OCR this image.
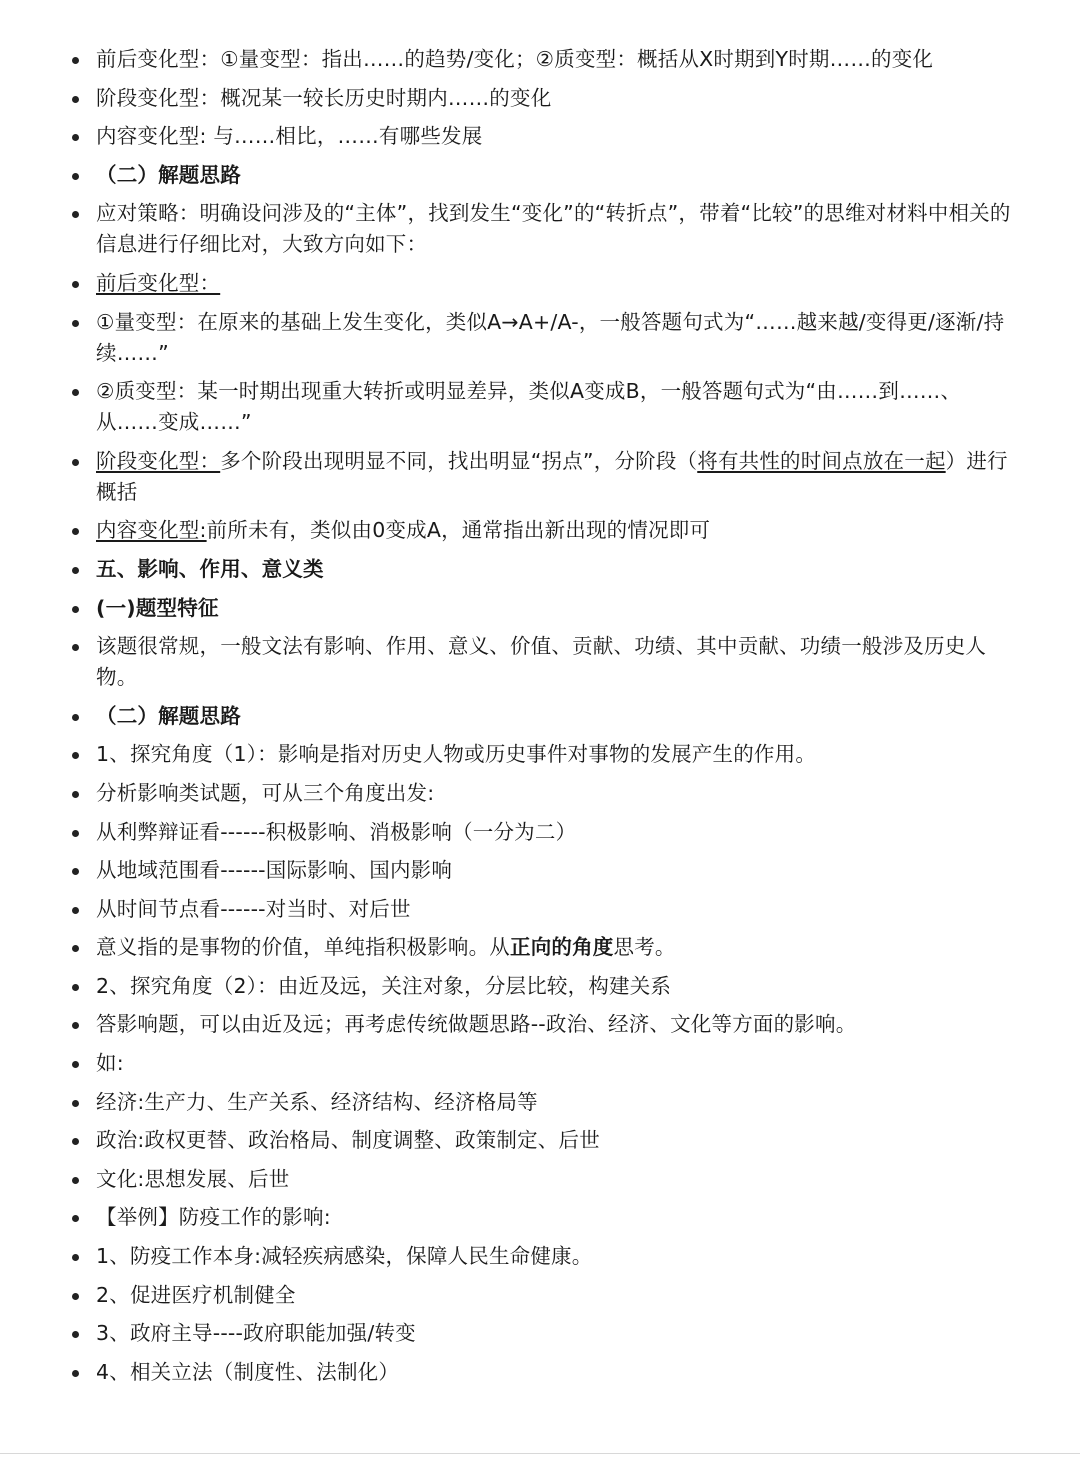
前后变化型：①量变型：指出……的趋势/变化；②质变型：概括从X时期到Y时期……的变化
阶段变化型：概况某一较长历史时期内……的变化
内容变化型: 与……相比，……有哪些发展
（二）解题思路
应对策略：明确设问涉及的“主体”，找到发生“变化”的“转折点”，带着“比较”的思维对材料中相关的信息进行仔细比对，大致方向如下：
前后变化型：
①量变型：在原来的基础上发生变化，类似A→A+/A-，一般答题句式为“……越来越/变得更/逐渐/持续……”
②质变型：某一时期出现重大转折或明显差异，类似A变成B，一般答题句式为“由……到……、从……变成……”
阶段变化型：多个阶段出现明显不同，找出明显“拐点”，分阶段（将有共性的时间点放在一起）进行概括
内容变化型:前所未有，类似由0变成A，通常指出新出现的情况即可
五、影响、作用、意义类
(一)题型特征
该题很常规，一般文法有影响、作用、意义、价值、贡献、功绩、其中贡献、功绩一般涉及历史人物。
（二）解题思路
1、探究角度（1）：影响是指对历史人物或历史事件对事物的发展产生的作用。
分析影响类试题，可从三个角度出发:
从利弊辩证看------积极影响、消极影响（一分为二）
从地域范围看------国际影响、国内影响
从时间节点看------对当时、对后世
意义指的是事物的价值，单纯指积极影响。从正向的角度思考。
2、探究角度（2）：由近及远，关注对象，分层比较，构建关系
答影响题，可以由近及远；再考虑传统做题思路--政治、经济、文化等方面的影响。
如:
经济:生产力、生产关系、经济结构、经济格局等
政治:政权更替、政治格局、制度调整、政策制定、后世
文化:思想发展、后世
【举例】防疫工作的影响:
1、防疫工作本身:减轻疾病感染，保障人民生命健康。
2、促进医疗机制健全
3、政府主导----政府职能加强/转变
4、相关立法（制度性、法制化）
